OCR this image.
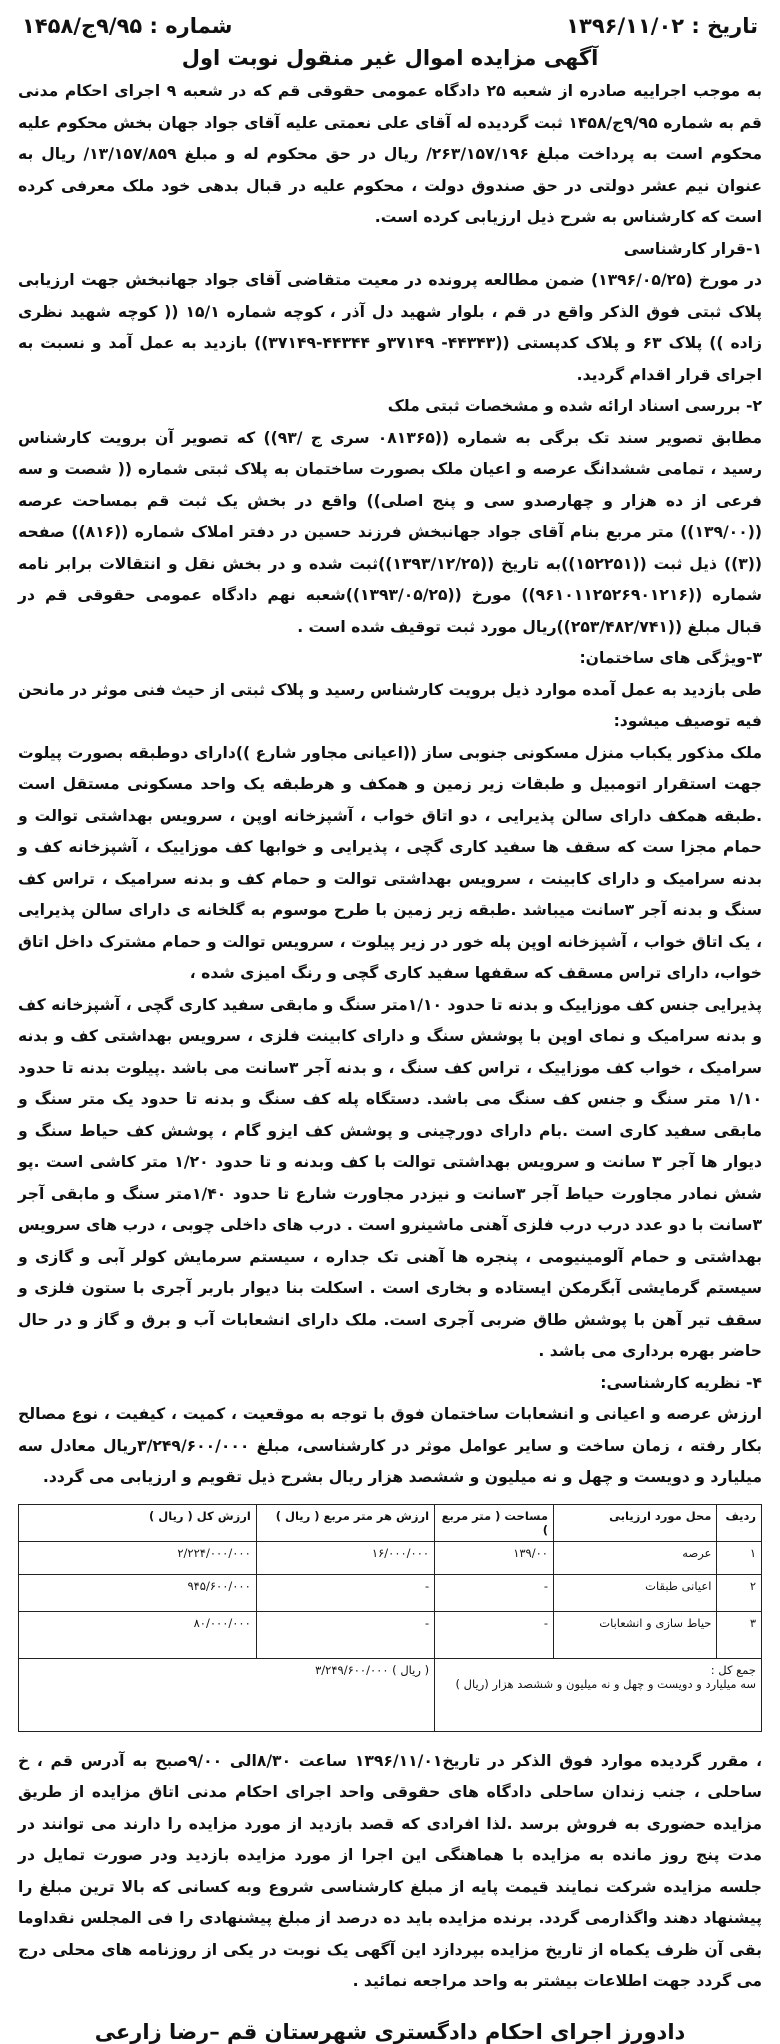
تاریخ : ۱۳۹۶/۱۱/۰۲
شماره : ۹/۹۵ج/۱۴۵۸
آگهی مزایده اموال غیر منقول نوبت اول

به موجب اجراییه صادره از شعبه ۲۵ دادگاه عمومی حقوقی قم که در شعبه ۹ اجرای احکام مدنی قم به شماره ۹/۹۵ج/۱۴۵۸ ثبت گردیده له آقای علی نعمتی علیه آقای جواد جهان بخش محکوم علیه محکوم است به پرداخت مبلغ ۲۶۳/۱۵۷/۱۹۶/ ریال در حق محکوم له و مبلغ ۱۳/۱۵۷/۸۵۹/ ریال به عنوان نیم عشر دولتی در حق صندوق دولت ، محکوم علیه در قبال بدهی خود ملک معرفی کرده است که کارشناس به شرح ذیل ارزیابی کرده است.

۱-قرار کارشناسی

در مورخ (۱۳۹۶/۰۵/۲۵) ضمن مطالعه پرونده در معیت متقاضی آقای جواد جهانبخش جهت ارزیابی پلاک ثبتی فوق الذکر واقع در قم ، بلوار شهید دل آذر ، کوچه شماره ۱۵/۱ (( کوچه شهید نظری زاده )) پلاک ۶۳ و پلاک کدپستی ((۴۴۳۴۳- ۳۷۱۴۹و ۴۴۳۴۴-۳۷۱۴۹)) بازدید به عمل آمد و نسبت به اجرای قرار اقدام گردید.

۲- بررسی اسناد ارائه شده و مشخصات ثبتی ملک

مطابق تصویر سند تک برگی به شماره ((۰۸۱۳۶۵ سری ج /۹۳)) که تصویر آن برویت کارشناس رسید ، تمامی ششدانگ عرصه و اعیان ملک بصورت ساختمان به پلاک ثبتی شماره (( شصت و سه فرعی از ده هزار و چهارصدو سی و پنج اصلی)) واقع در بخش یک ثبت قم بمساحت عرصه ((۱۳۹/۰۰)) متر مربع بنام آقای جواد جهانبخش فرزند حسین در دفتر املاک شماره ((۸۱۶)) صفحه ((۳)) ذیل ثبت ((۱۵۲۲۵۱))به تاریخ ((۱۳۹۳/۱۲/۲۵))ثبت شده و در بخش نقل و انتقالات برابر نامه شماره ((۹۶۱۰۱۱۲۵۲۶۹۰۱۲۱۶)) مورخ ((۱۳۹۳/۰۵/۲۵))شعبه نهم دادگاه عمومی حقوقی قم در قبال مبلغ ((۲۵۳/۴۸۲/۷۴۱))ریال مورد ثبت توقیف شده است .

۳-ویژگی های ساختمان:

طی بازدید به عمل آمده موارد ذیل برویت کارشناس رسید و پلاک ثبتی از حیث فنی موثر در مانحن فیه توصیف میشود:

ملک مذکور یکباب منزل مسکونی جنوبی ساز ((اعیانی مجاور شارع ))دارای دوطبقه بصورت پیلوت جهت استقرار اتومبیل و طبقات زیر زمین و همکف و هرطبقه یک واحد مسکونی مستقل است .طبقه همکف دارای سالن پذیرایی ، دو اتاق خواب ، آشپزخانه اوپن ، سرویس بهداشتی توالت و حمام مجزا ست که سقف ها سفید کاری گچی ، پذیرایی و خوابها کف موزاییک ، آشپزخانه کف و بدنه سرامیک و دارای کابینت ، سرویس بهداشتی توالت و حمام کف و بدنه سرامیک ، تراس کف سنگ و بدنه آجر ۳سانت میباشد .طبقه زیر زمین با طرح موسوم به گلخانه ی دارای سالن پذیرایی ، یک اتاق خواب ، آشپزخانه اوپن پله خور در زیر پیلوت ، سرویس توالت و حمام مشترک داخل اتاق خواب، دارای تراس مسقف که سقفها سفید کاری گچی و رنگ امیزی شده ،

پذیرایی جنس کف موزاییک و بدنه تا حدود ۱/۱۰متر سنگ و مابقی سفید کاری گچی ، آشپزخانه کف و بدنه سرامیک و نمای اوپن با پوشش سنگ و دارای کابینت فلزی ، سرویس بهداشتی کف و بدنه سرامیک ، خواب کف موزاییک ، تراس کف سنگ ، و بدنه آجر ۳سانت می باشد .پیلوت بدنه تا حدود ۱/۱۰ متر سنگ و جنس کف سنگ می باشد. دستگاه پله کف سنگ و بدنه تا حدود یک متر سنگ و مابقی سفید کاری است .بام دارای دورچینی و پوشش کف ایزو گام ، پوشش کف حیاط سنگ و دیوار ها آجر ۳ سانت و سرویس بهداشتی توالت با کف وبدنه و تا حدود ۱/۲۰ متر کاشی است .پو شش نمادر مجاورت حیاط آجر ۳سانت و نیزدر مجاورت شارع تا حدود ۱/۴۰متر سنگ و مابقی آجر ۳سانت با دو عدد درب درب فلزی آهنی ماشینرو است . درب های داخلی چوبی ، درب های سرویس بهداشتی و حمام آلومینیومی ، پنجره ها آهنی تک جداره ، سیستم سرمایش کولر آبی و گازی و سیستم گرمایشی آبگرمکن ایستاده و بخاری است . اسکلت بنا دیوار باربر آجری با ستون فلزی و سقف تیر آهن با پوشش طاق ضربی آجری است. ملک دارای انشعابات آب و برق و گاز و در حال حاضر بهره برداری می باشد .

۴- نظریه کارشناسی:

ارزش عرصه و اعیانی و انشعابات ساختمان فوق با توجه به موقعیت ، کمیت ، کیفیت ، نوع مصالح بکار رفته ، زمان ساخت و سایر عوامل موثر در کارشناسی، مبلغ ۳/۲۴۹/۶۰۰/۰۰۰ریال معادل سه میلیارد و دویست و چهل و نه میلیون و ششصد هزار ریال بشرح ذیل تقویم و ارزیابی می گردد.

ردیف	محل مورد ارزیابی	مساحت ( متر مربع )	ارزش هر متر مربع ( ریال )	ارزش کل ( ریال )
۱	عرصه	۱۳۹/۰۰	۱۶/۰۰۰/۰۰۰	۲/۲۲۴/۰۰۰/۰۰۰
۲	اعیانی طبقات	-	-	۹۴۵/۶۰۰/۰۰۰
۳	حیاط سازی و انشعابات	-	-	۸۰/۰۰۰/۰۰۰

جمع کل :
سه میلیارد و دویست و چهل و نه میلیون و ششصد هزار (ریال )			۳/۲۴۹/۶۰۰/۰۰۰ ( ریال )	

، مقرر گردیده موارد فوق الذکر در تاریخ۱۳۹۶/۱۱/۰۱ ساعت ۸/۳۰الی ۹/۰۰صبح به آدرس قم ، خ ساحلی ، جنب زندان ساحلی دادگاه های حقوقی واحد اجرای احکام مدنی اتاق مزایده از طریق مزایده حضوری به فروش برسد .لذا افرادی که قصد بازدید از مورد مزایده را دارند می توانند در مدت پنج روز مانده به مزایده با هماهنگی این اجرا از مورد مزایده بازدید ودر صورت تمایل در جلسه مزایده شرکت نمایند قیمت پایه از مبلغ کارشناسی شروع وبه کسانی که بالا ترین مبلغ را پیشنهاد دهند واگذارمی گردد. برنده مزایده باید ده درصد از مبلغ پیشنهادی را فی المجلس نقداوما بقی آن ظرف یکماه از تاریخ مزایده بپردازد این آگهی یک نوبت در یکی از روزنامه های محلی درج می گردد جهت اطلاعات بیشتر به واحد مراجعه نمائید .

دادورز اجرای احکام دادگستری شهرستان قم –رضا زارعی
